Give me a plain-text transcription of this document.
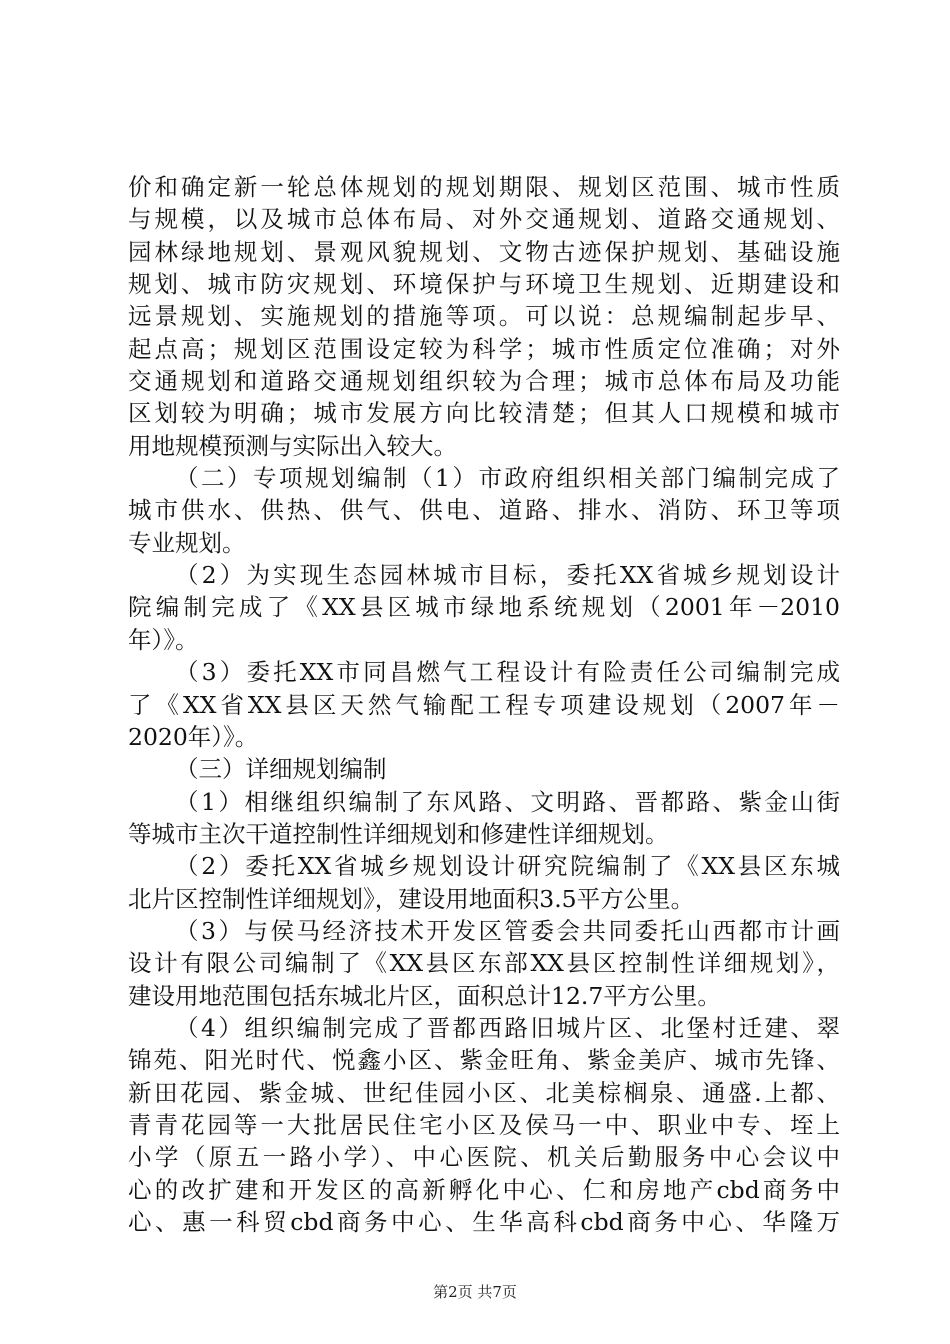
价和确定新一轮总体规划的规划期限、规划区范围、城市性质
与规模，以及城市总体布局、对外交通规划、道路交通规划、
园林绿地规划、景观风貌规划、文物古迹保护规划、基础设施
规划、城市防灾规划、环境保护与环境卫生规划、近期建设和
远景规划、实施规划的措施等项。可以说：总规编制起步早、
起点高；规划区范围设定较为科学；城市性质定位准确；对外
交通规划和道路交通规划组织较为合理；城市总体布局及功能
区划较为明确；城市发展方向比较清楚；但其人口规模和城市
用地规模预测与实际出入较大。
（二）专项规划编制（1）市政府组织相关部门编制完成了
城市供水、供热、供气、供电、道路、排水、消防、环卫等项
专业规划。
（2）为实现生态园林城市目标，委托XX省城乡规划设计
院编制完成了《XX县区城市绿地系统规划（2001年－2010
年）》。
（3）委托XX市同昌燃气工程设计有险责任公司编制完成
了《XX省XX县区天然气输配工程专项建设规划（2007年－
2020年）》。
（三）详细规划编制
（1）相继组织编制了东风路、文明路、晋都路、紫金山街
等城市主次干道控制性详细规划和修建性详细规划。
（2）委托XX省城乡规划设计研究院编制了《XX县区东城
北片区控制性详细规划》，建设用地面积3.5平方公里。
（3）与侯马经济技术开发区管委会共同委托山西都市计画
设计有限公司编制了《XX县区东部XX县区控制性详细规划》，
建设用地范围包括东城北片区，面积总计12.7平方公里。
（4）组织编制完成了晋都西路旧城片区、北堡村迁建、翠
锦苑、阳光时代、悦鑫小区、紫金旺角、紫金美庐、城市先锋、
新田花园、紫金城、世纪佳园小区、北美棕榈泉、通盛.上都、
青青花园等一大批居民住宅小区及侯马一中、职业中专、垤上
小学（原五一路小学）、中心医院、机关后勤服务中心会议中
心的改扩建和开发区的高新孵化中心、仁和房地产cbd商务中
心、惠一科贸cbd商务中心、生华高科cbd商务中心、华隆万
第2页 共7页
